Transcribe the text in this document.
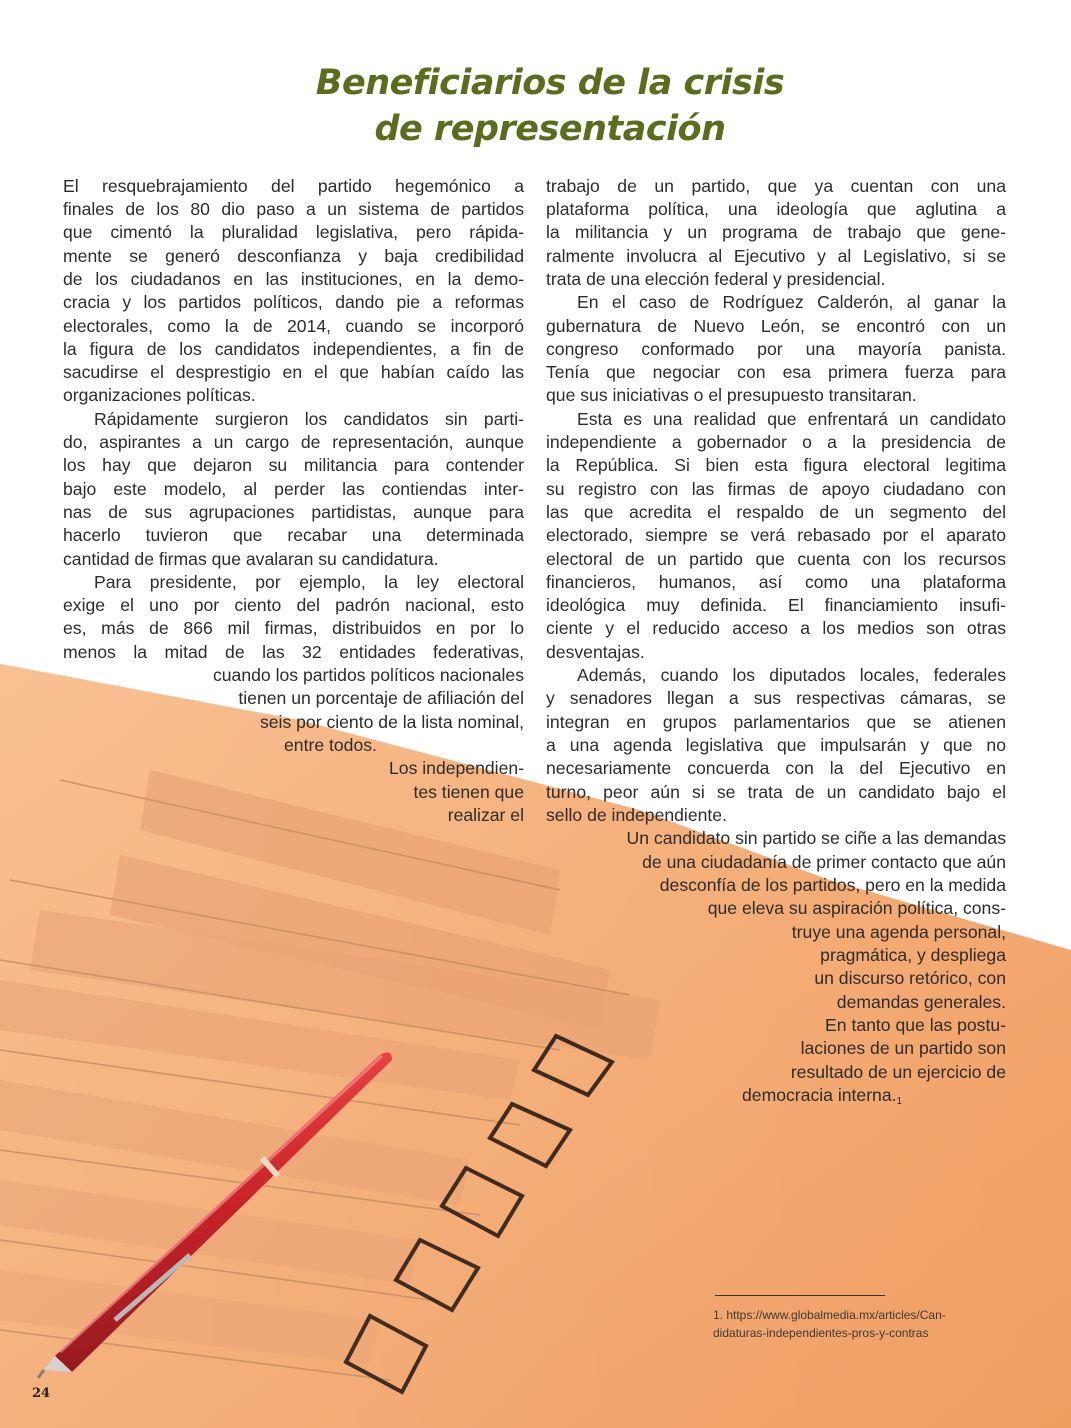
Beneficiarios de la crisis
de representación

El resquebrajamiento del partido hegemónico a

finales de los 80 dio paso a un sistema de partidos

que cimentó la pluralidad legislativa, pero rápida-

mente se generó desconfianza y baja credibilidad

de los ciudadanos en las instituciones, en la demo-

cracia y los partidos políticos, dando pie a reformas

electorales, como la de 2014, cuando se incorporó

la figura de los candidatos independientes, a fin de

sacudirse el desprestigio en el que habían caído las

organizaciones políticas.

Rápidamente surgieron los candidatos sin parti-

do, aspirantes a un cargo de representación, aunque

los hay que dejaron su militancia para contender

bajo este modelo, al perder las contiendas inter-

nas de sus agrupaciones partidistas, aunque para

hacerlo tuvieron que recabar una determinada

cantidad de firmas que avalaran su candidatura.

Para presidente, por ejemplo, la ley electoral

exige el uno por ciento del padrón nacional, esto

es, más de 866 mil firmas, distribuidos en por lo

menos la mitad de las 32 entidades federativas,

cuando los partidos políticos nacionales

tienen un porcentaje de afiliación del

seis por ciento de la lista nominal,

entre todos.

Los independien-

tes tienen que

realizar el

trabajo de un partido, que ya cuentan con una

plataforma política, una ideología que aglutina a

la militancia y un programa de trabajo que gene-

ralmente involucra al Ejecutivo y al Legislativo, si se

trata de una elección federal y presidencial.

En el caso de Rodríguez Calderón, al ganar la

gubernatura de Nuevo León, se encontró con un

congreso conformado por una mayoría panista.

Tenía que negociar con esa primera fuerza para

que sus iniciativas o el presupuesto transitaran.

Esta es una realidad que enfrentará un candidato

independiente a gobernador o a la presidencia de

la República. Si bien esta figura electoral legitima

su registro con las firmas de apoyo ciudadano con

las que acredita el respaldo de un segmento del

electorado, siempre se verá rebasado por el aparato

electoral de un partido que cuenta con los recursos

financieros, humanos, así como una plataforma

ideológica muy definida. El financiamiento insufi-

ciente y el reducido acceso a los medios son otras

desventajas.

Además, cuando los diputados locales, federales

y senadores llegan a sus respectivas cámaras, se

integran en grupos parlamentarios que se atienen

a una agenda legislativa que impulsarán y que no

necesariamente concuerda con la del Ejecutivo en

turno, peor aún si se trata de un candidato bajo el

sello de independiente.

Un candidato sin partido se ciñe a las demandas

de una ciudadanía de primer contacto que aún

desconfía de los partidos, pero en la medida

que eleva su aspiración política, cons-

truye una agenda personal,

pragmática, y despliega

un discurso retórico, con

demandas generales.

En tanto que las postu-

laciones de un partido son

resultado de un ejercicio de

democracia $interna._1$

1. https://www.globalmedia.mx/articles/Can-

didaturas-independientes-pros-y-contras

24
